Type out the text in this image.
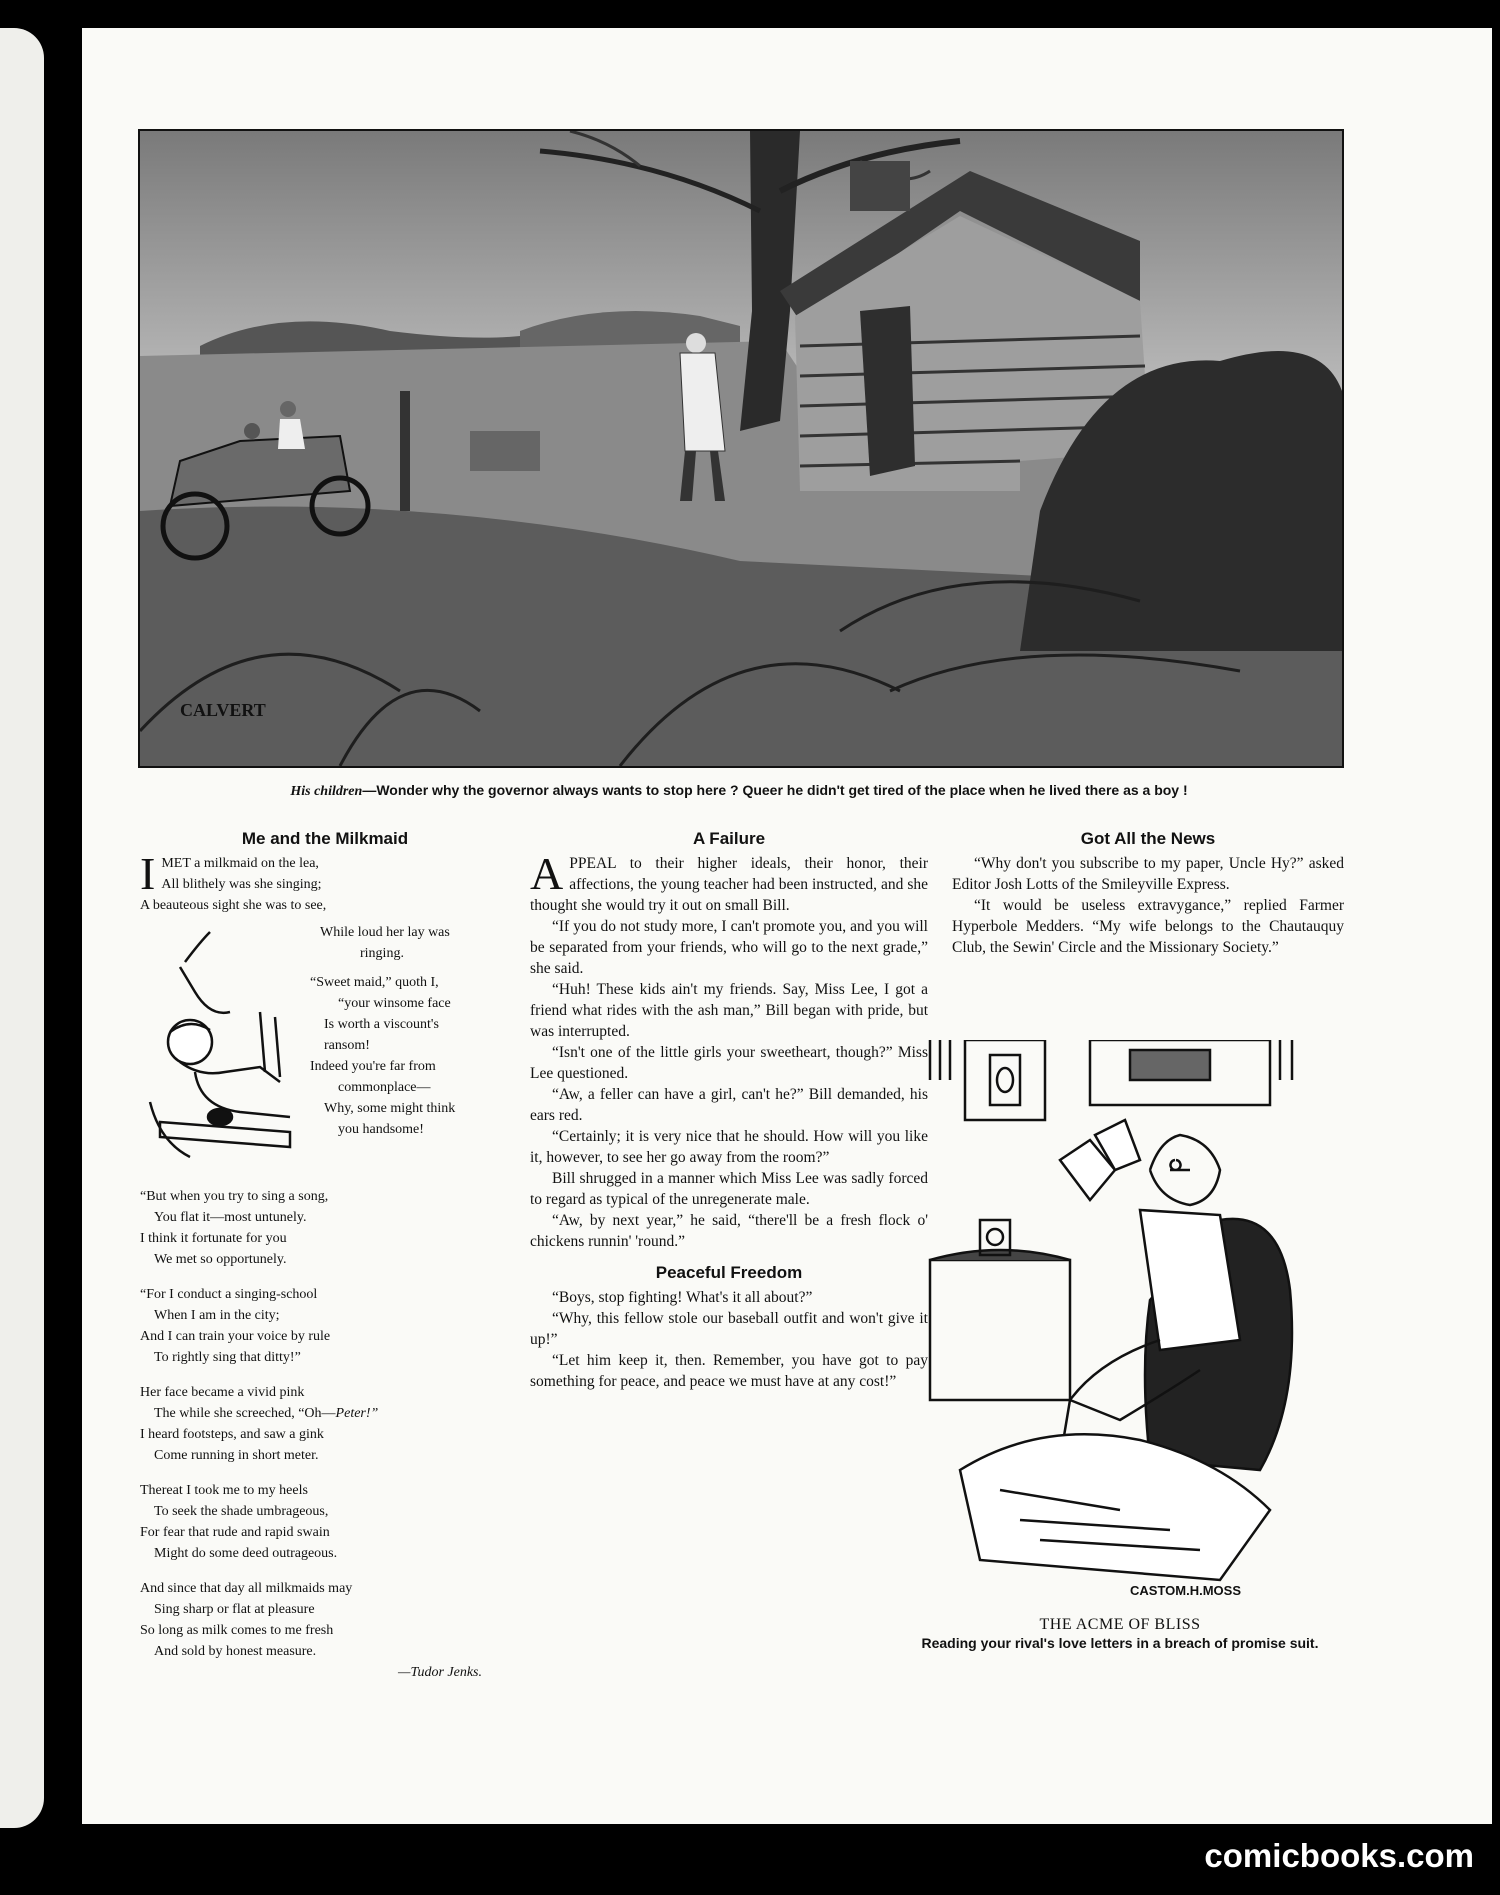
CALVERT
His children—Wonder why the governor always wants to stop here ? Queer he didn't get tired of the place when he lived there as a boy !
Me and the Milkmaid
I MET a milkmaid on the lea,
All blithely was she singing;
A beauteous sight she was to see,
While loud her lay was
ringing.
“Sweet maid,” quoth I,
“your winsome face
Is worth a viscount's
ransom!
Indeed you're far from
commonplace—
Why, some might think
you handsome!
“But when you try to sing a song,
You flat it—most untunely.
I think it fortunate for you
We met so opportunely.
“For I conduct a singing-school
When I am in the city;
And I can train your voice by rule
To rightly sing that ditty!”
Her face became a vivid pink
The while she screeched, “Oh—Peter!”
I heard footsteps, and saw a gink
Come running in short meter.
Thereat I took me to my heels
To seek the shade umbrageous,
For fear that rude and rapid swain
Might do some deed outrageous.
And since that day all milkmaids may
Sing sharp or flat at pleasure
So long as milk comes to me fresh
And sold by honest measure.
—Tudor Jenks.
A Failure

APPEAL to their higher ideals, their honor, their affections, the young teacher had been instructed, and she thought she would try it out on small Bill.

“If you do not study more, I can't promote you, and you will be separated from your friends, who will go to the next grade,” she said.

“Huh! These kids ain't my friends. Say, Miss Lee, I got a friend what rides with the ash man,” Bill began with pride, but was interrupted.

“Isn't one of the little girls your sweetheart, though?” Miss Lee questioned.

“Aw, a feller can have a girl, can't he?” Bill demanded, his ears red.

“Certainly; it is very nice that he should. How will you like it, however, to see her go away from the room?”

Bill shrugged in a manner which Miss Lee was sadly forced to regard as typical of the unregenerate male.

“Aw, by next year,” he said, “there'll be a fresh flock o' chickens runnin' 'round.”

Peaceful Freedom

“Boys, stop fighting! What's it all about?”

“Why, this fellow stole our baseball outfit and won't give it up!”

“Let him keep it, then. Remember, you have got to pay something for peace, and peace we must have at any cost!”

Got All the News

“Why don't you subscribe to my paper, Uncle Hy?” asked Editor Josh Lotts of the Smileyville Express.

“It would be useless extravygance,” replied Farmer Hyperbole Medders. “My wife belongs to the Chautauquy Club, the Sewin' Circle and the Missionary Society.”

CASTOM.H.MOSS
THE ACME OF BLISS
Reading your rival's love letters in a breach of promise suit.
comicbooks.com
